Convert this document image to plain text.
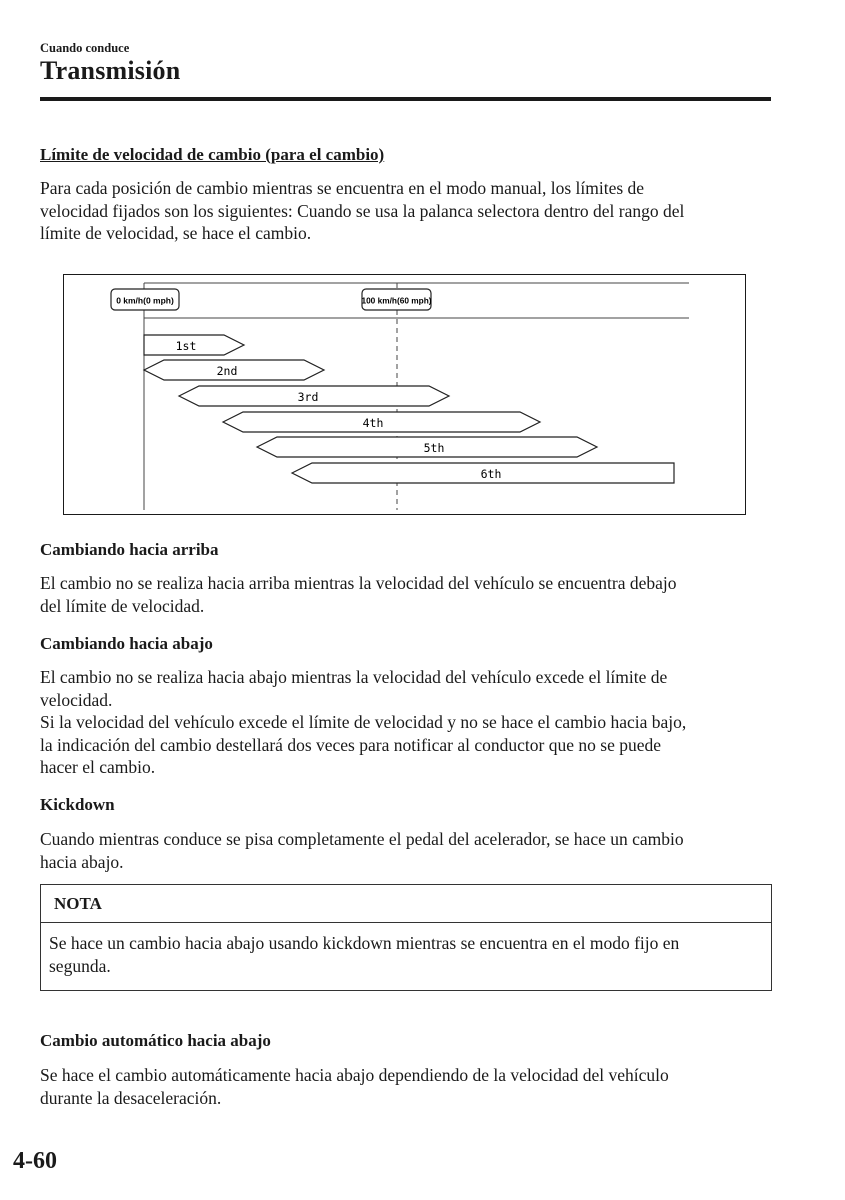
Cuando conduce
Transmisión
Límite de velocidad de cambio (para el cambio)
Para cada posición de cambio mientras se encuentra en el modo manual, los límites de
velocidad fijados son los siguientes: Cuando se usa la palanca selectora dentro del rango del
límite de velocidad, se hace el cambio.
0 km/h(0 mph)	100 km/h(60 mph)
1st
2nd
3rd
4th
5th
6th
Cambiando hacia arriba
El cambio no se realiza hacia arriba mientras la velocidad del vehículo se encuentra debajo
del límite de velocidad.
Cambiando hacia abajo
El cambio no se realiza hacia abajo mientras la velocidad del vehículo excede el límite de
velocidad.
Si la velocidad del vehículo excede el límite de velocidad y no se hace el cambio hacia bajo,
la indicación del cambio destellará dos veces para notificar al conductor que no se puede
hacer el cambio.
Kickdown
Cuando mientras conduce se pisa completamente el pedal del acelerador, se hace un cambio
hacia abajo.
NOTA
Se hace un cambio hacia abajo usando kickdown mientras se encuentra en el modo fijo en
segunda.
Cambio automático hacia abajo
Se hace el cambio automáticamente hacia abajo dependiendo de la velocidad del vehículo
durante la desaceleración.
4-60
